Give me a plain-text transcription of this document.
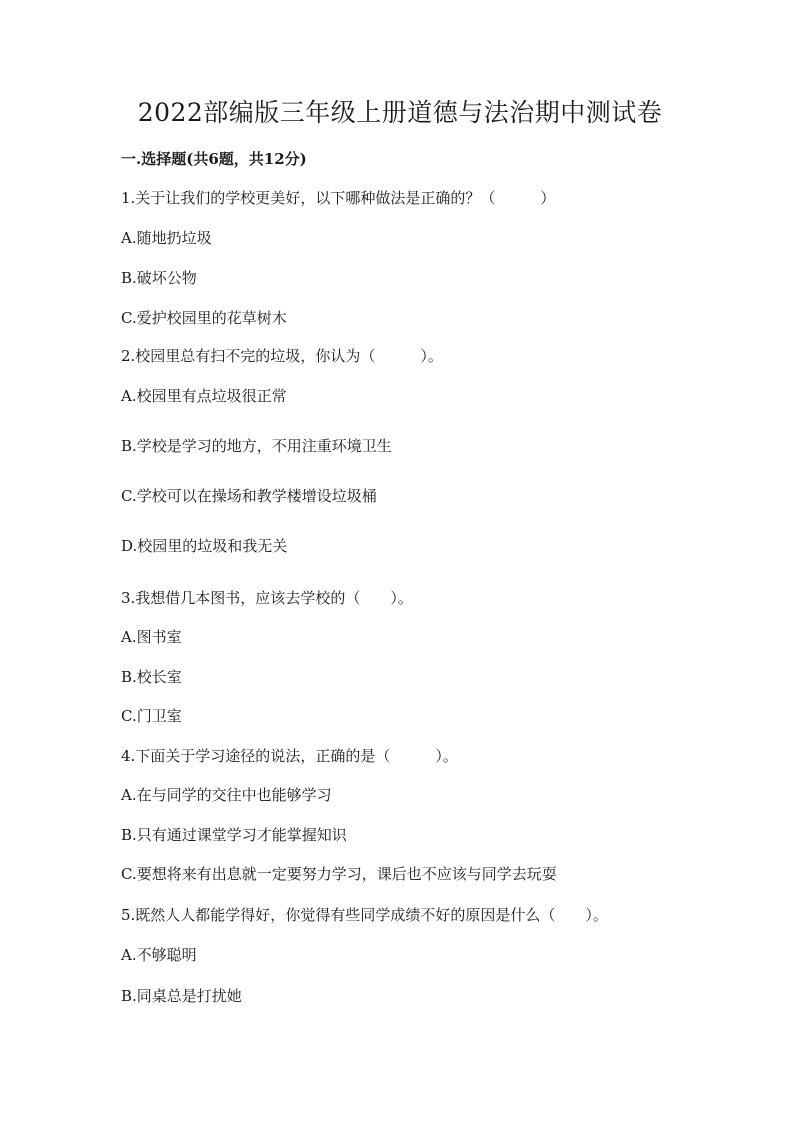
2022部编版三年级上册道德与法治期中测试卷
一.选择题(共6题，共12分)
1.关于让我们的学校更美好，以下哪种做法是正确的？（　　　）
A.随地扔垃圾
B.破坏公物
C.爱护校园里的花草树木
2.校园里总有扫不完的垃圾，你认为（　　　）。
A.校园里有点垃圾很正常
B.学校是学习的地方，不用注重环境卫生
C.学校可以在操场和教学楼增设垃圾桶
D.校园里的垃圾和我无关
3.我想借几本图书，应该去学校的（　　）。
A.图书室
B.校长室
C.门卫室
4.下面关于学习途径的说法，正确的是（　　　）。
A.在与同学的交往中也能够学习
B.只有通过课堂学习才能掌握知识
C.要想将来有出息就一定要努力学习，课后也不应该与同学去玩耍
5.既然人人都能学得好，你觉得有些同学成绩不好的原因是什么（　　）。
A.不够聪明
B.同桌总是打扰她
